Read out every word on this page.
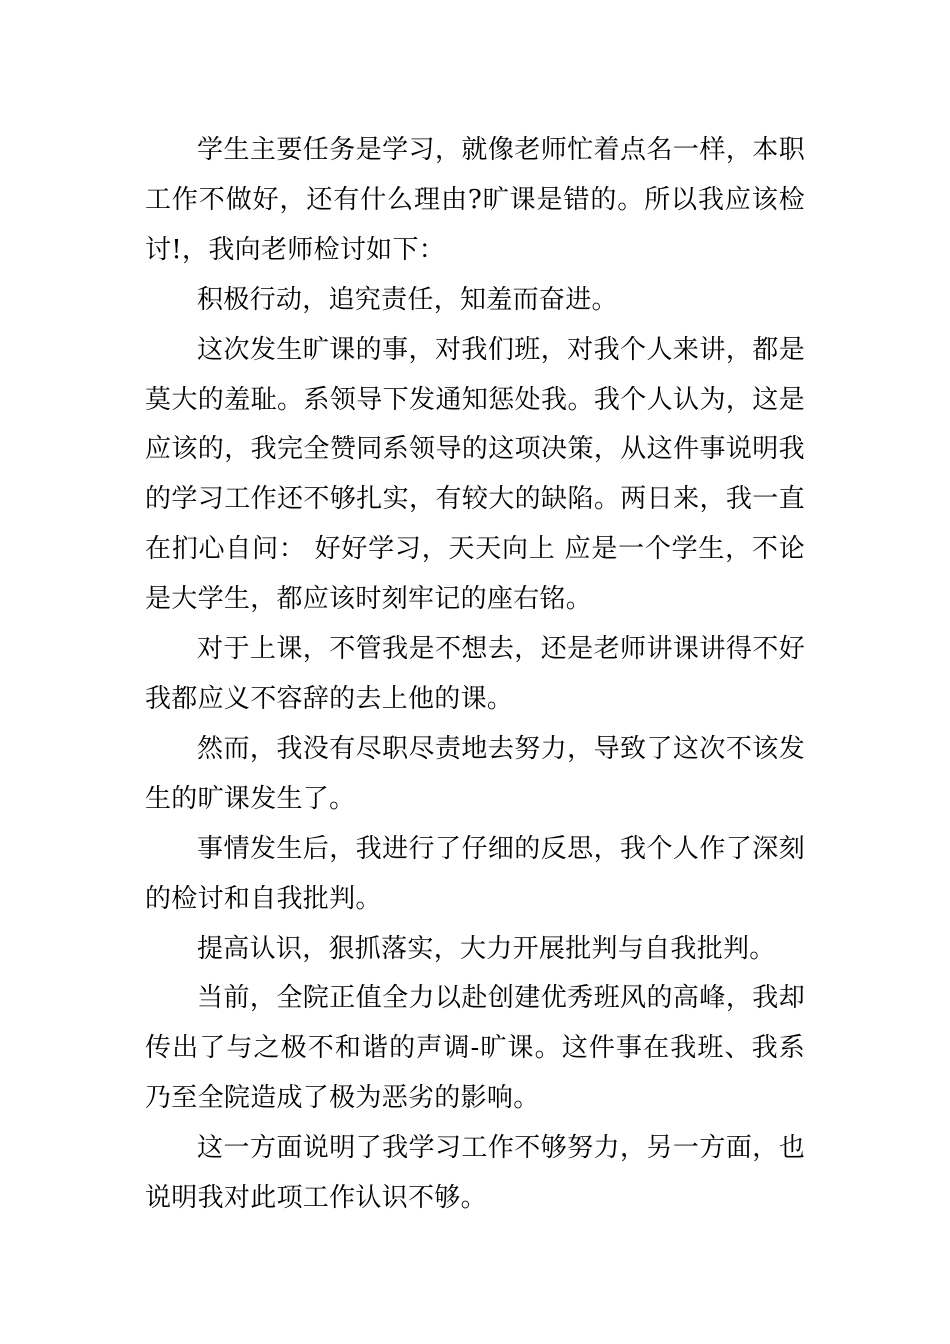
学生主要任务是学习，就像老师忙着点名一样，本职工作不做好，还有什么理由?旷课是错的。所以我应该检讨!，我向老师检讨如下：

积极行动，追究责任，知羞而奋进。

这次发生旷课的事，对我们班，对我个人来讲，都是莫大的羞耻。系领导下发通知惩处我。我个人认为，这是应该的，我完全赞同系领导的这项决策，从这件事说明我的学习工作还不够扎实，有较大的缺陷。两日来，我一直在扪心自问： 好好学习，天天向上 应是一个学生，不论是大学生，都应该时刻牢记的座右铭。

对于上课，不管我是不想去，还是老师讲课讲得不好我都应义不容辞的去上他的课。

然而，我没有尽职尽责地去努力，导致了这次不该发生的旷课发生了。

事情发生后，我进行了仔细的反思，我个人作了深刻的检讨和自我批判。

提高认识，狠抓落实，大力开展批判与自我批判。

当前，全院正值全力以赴创建优秀班风的高峰，我却传出了与之极不和谐的声调-旷课。这件事在我班、我系乃至全院造成了极为恶劣的影响。

这一方面说明了我学习工作不够努力，另一方面，也说明我对此项工作认识不够。
